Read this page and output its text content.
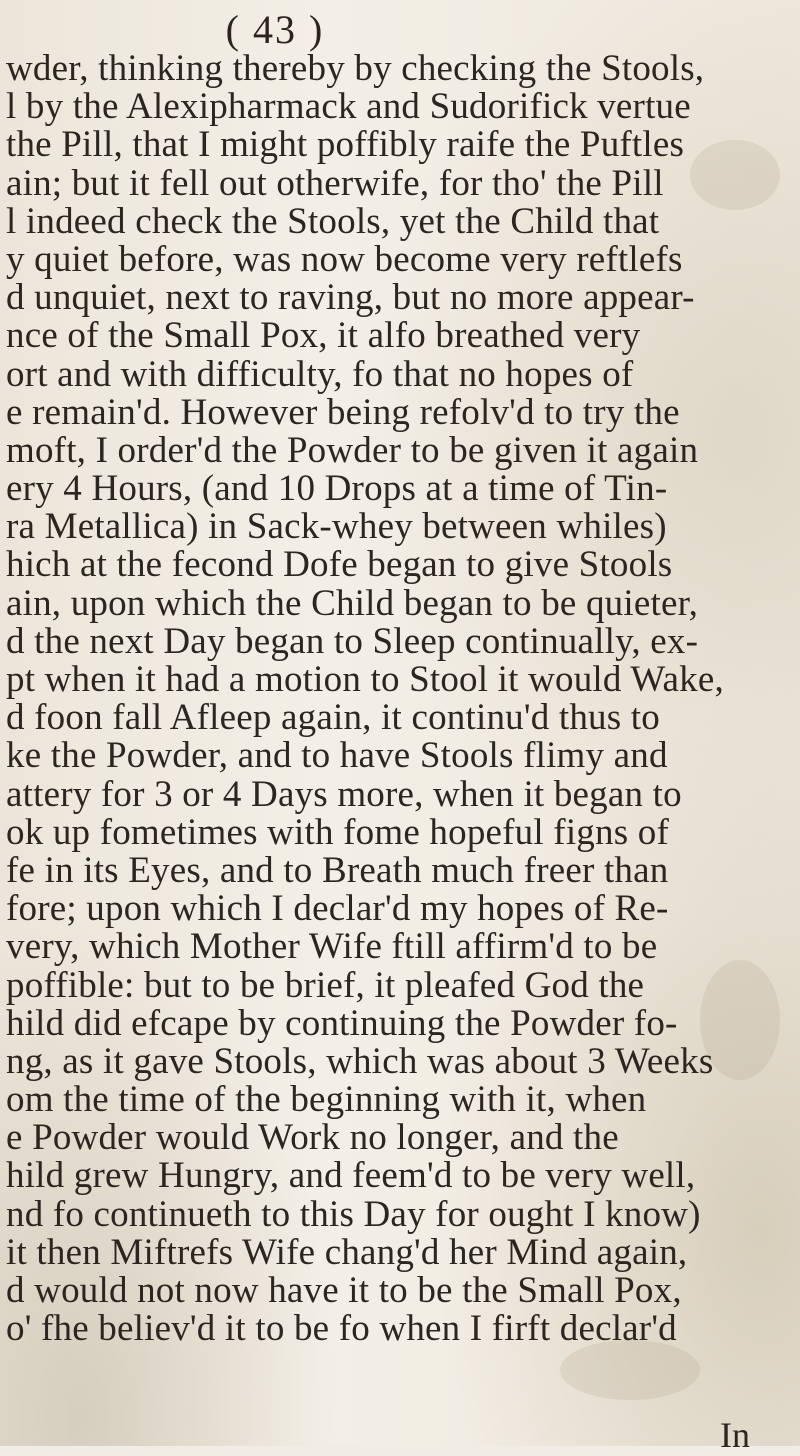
( 43 )
wder, thinking thereby by checking the Stools,
l by the Alexipharmack and Sudorifick vertue
the Pill, that I might poffibly raife the Puftles
ain; but it fell out otherwife, for tho' the Pill
l indeed check the Stools, yet the Child that
y quiet before, was now become very reftlefs
d unquiet, next to raving, but no more appear-
nce of the Small Pox, it alfo breathed very
ort and with difficulty, fo that no hopes of
e remain'd. However being refolv'd to try the
moft, I order'd the Powder to be given it again
ery 4 Hours, (and 10 Drops at a time of Tin-
ra Metallica) in Sack-whey between whiles)
hich at the fecond Dofe began to give Stools
ain, upon which the Child began to be quieter,
d the next Day began to Sleep continually, ex-
pt when it had a motion to Stool it would Wake,
d foon fall Afleep again, it continu'd thus to
ke the Powder, and to have Stools flimy and
attery for 3 or 4 Days more, when it began to
ok up fometimes with fome hopeful figns of
fe in its Eyes, and to Breath much freer than
fore; upon which I declar'd my hopes of Re-
very, which Mother Wife ftill affirm'd to be
poffible: but to be brief, it pleafed God the
hild did efcape by continuing the Powder fo-
ng, as it gave Stools, which was about 3 Weeks
om the time of the beginning with it, when
e Powder would Work no longer, and the
hild grew Hungry, and feem'd to be very well,
nd fo continueth to this Day for ought I know)
it then Miftrefs Wife chang'd her Mind again,
d would not now have it to be the Small Pox,
o' fhe believ'd it to be fo when I firft declar'd
In
